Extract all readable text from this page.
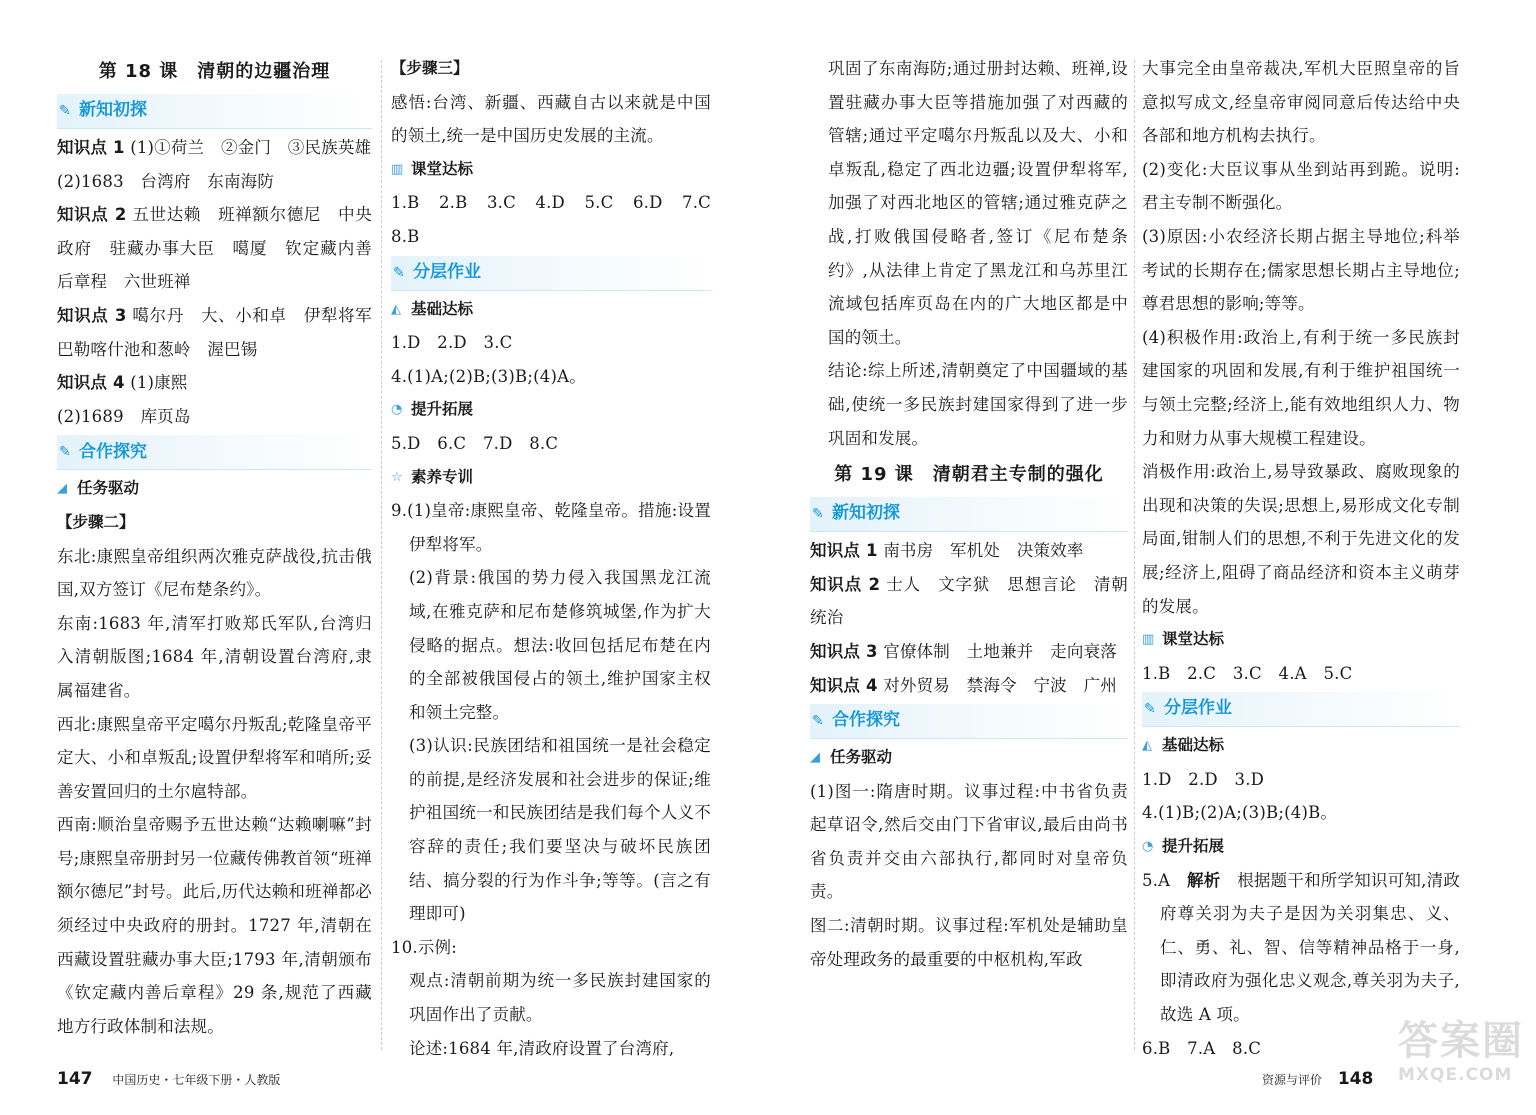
第 18 课　清朝的边疆治理
✎ 新知初探

知识点 1 (1)①荷兰　②金门　③民族英雄

(2)1683　台湾府　东南海防

知识点 2 五世达赖　班禅额尔德尼　中央政府　驻藏办事大臣　噶厦　钦定藏内善后章程　六世班禅

知识点 3 噶尔丹　大、小和卓　伊犁将军　巴勒喀什池和葱岭　渥巴锡

知识点 4 (1)康熙

(2)1689　库页岛

✎ 合作探究
◢ 任务驱动
【步骤二】

东北:康熙皇帝组织两次雅克萨战役,抗击俄国,双方签订《尼布楚条约》。

东南:1683 年,清军打败郑氏军队,台湾归入清朝版图;1684 年,清朝设置台湾府,隶属福建省。

西北:康熙皇帝平定噶尔丹叛乱;乾隆皇帝平定大、小和卓叛乱;设置伊犁将军和哨所;妥善安置回归的土尔扈特部。

西南:顺治皇帝赐予五世达赖“达赖喇嘛”封号;康熙皇帝册封另一位藏传佛教首领“班禅额尔德尼”封号。此后,历代达赖和班禅都必须经过中央政府的册封。1727 年,清朝在西藏设置驻藏办事大臣;1793 年,清朝颁布《钦定藏内善后章程》29 条,规范了西藏地方行政体制和法规。

【步骤三】

感悟:台湾、新疆、西藏自古以来就是中国的领土,统一是中国历史发展的主流。

▥ 课堂达标

1.B　2.B　3.C　4.D　5.C　6.D　7.C　8.B

✎ 分层作业
◭ 基础达标

1.D　2.D　3.C

4.(1)A;(2)B;(3)B;(4)A。

◔ 提升拓展

5.D　6.C　7.D　8.C

☆ 素养专训

9.(1)皇帝:康熙皇帝、乾隆皇帝。措施:设置伊犁将军。

(2)背景:俄国的势力侵入我国黑龙江流域,在雅克萨和尼布楚修筑城堡,作为扩大侵略的据点。想法:收回包括尼布楚在内的全部被俄国侵占的领土,维护国家主权和领土完整。

(3)认识:民族团结和祖国统一是社会稳定的前提,是经济发展和社会进步的保证;维护祖国统一和民族团结是我们每个人义不容辞的责任;我们要坚决与破坏民族团结、搞分裂的行为作斗争;等等。(言之有理即可)

10.示例:

观点:清朝前期为统一多民族封建国家的巩固作出了贡献。

论述:1684 年,清政府设置了台湾府,

147 中国历史・七年级下册・人教版

巩固了东南海防;通过册封达赖、班禅,设置驻藏办事大臣等措施加强了对西藏的管辖;通过平定噶尔丹叛乱以及大、小和卓叛乱,稳定了西北边疆;设置伊犁将军,加强了对西北地区的管辖;通过雅克萨之战,打败俄国侵略者,签订《尼布楚条约》,从法律上肯定了黑龙江和乌苏里江流域包括库页岛在内的广大地区都是中国的领土。

结论:综上所述,清朝奠定了中国疆域的基础,使统一多民族封建国家得到了进一步巩固和发展。

第 19 课　清朝君主专制的强化
✎ 新知初探

知识点 1 南书房　军机处　决策效率

知识点 2 士人　文字狱　思想言论　清朝统治

知识点 3 官僚体制　土地兼并　走向衰落

知识点 4 对外贸易　禁海令　宁波　广州

✎ 合作探究
◢ 任务驱动

(1)图一:隋唐时期。议事过程:中书省负责起草诏令,然后交由门下省审议,最后由尚书省负责并交由六部执行,都同时对皇帝负责。

图二:清朝时期。议事过程:军机处是辅助皇帝处理政务的最重要的中枢机构,军政

大事完全由皇帝裁决,军机大臣照皇帝的旨意拟写成文,经皇帝审阅同意后传达给中央各部和地方机构去执行。

(2)变化:大臣议事从坐到站再到跪。说明:君主专制不断强化。

(3)原因:小农经济长期占据主导地位;科举考试的长期存在;儒家思想长期占主导地位;尊君思想的影响;等等。

(4)积极作用:政治上,有利于统一多民族封建国家的巩固和发展,有利于维护祖国统一与领土完整;经济上,能有效地组织人力、物力和财力从事大规模工程建设。

消极作用:政治上,易导致暴政、腐败现象的出现和决策的失误;思想上,易形成文化专制局面,钳制人们的思想,不利于先进文化的发展;经济上,阻碍了商品经济和资本主义萌芽的发展。

▥ 课堂达标

1.B　2.C　3.C　4.A　5.C

✎ 分层作业
◭ 基础达标

1.D　2.D　3.D

4.(1)B;(2)A;(3)B;(4)B。

◔ 提升拓展

5.A　 解析　 根据题干和所学知识可知,清政府尊关羽为夫子是因为关羽集忠、义、仁、勇、礼、智、信等精神品格于一身,即清政府为强化忠义观念,尊关羽为夫子,故选 A 项。

6.B　7.A　8.C

资源与评价 148
答案圈
MXQE.COM
